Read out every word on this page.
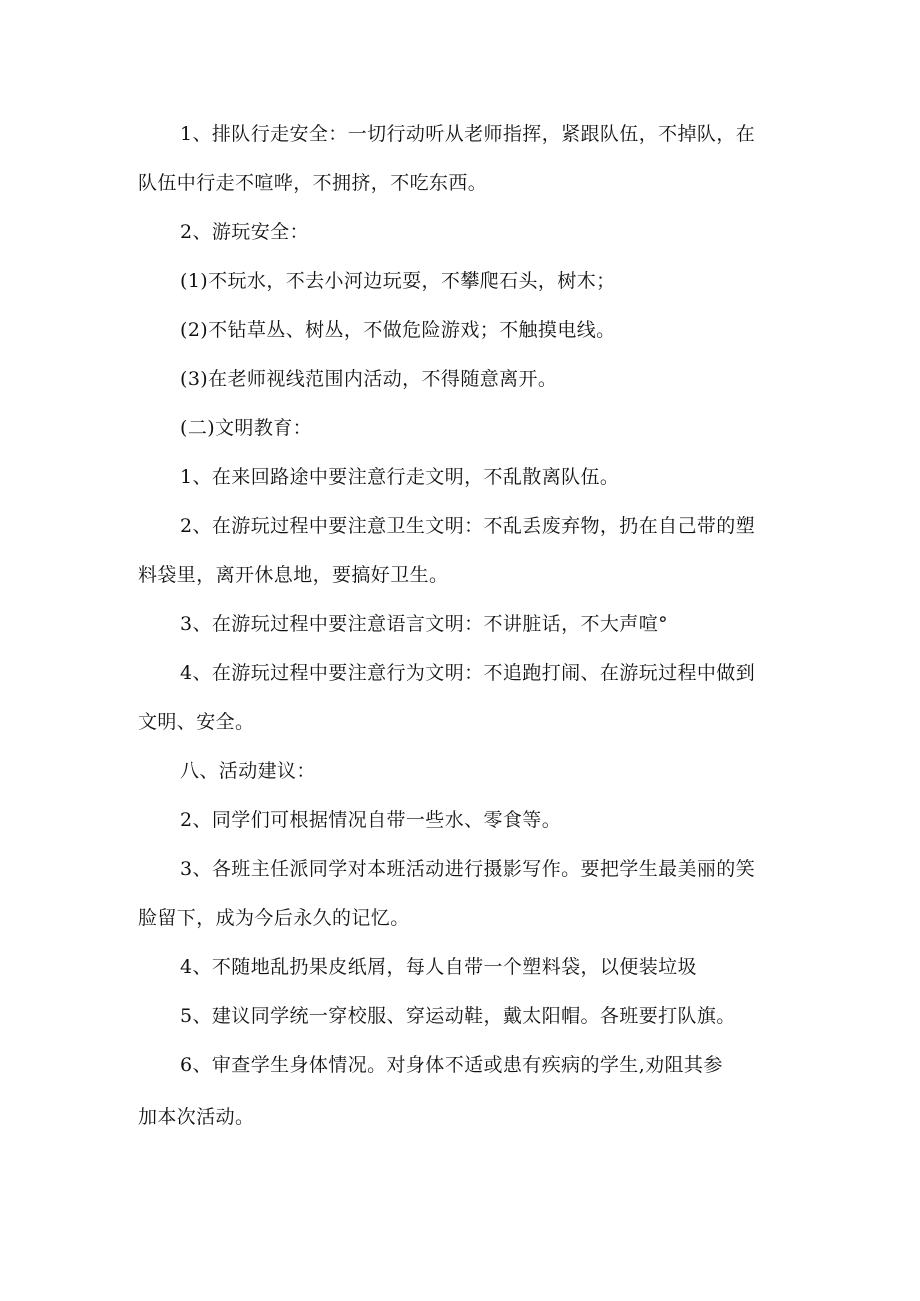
1、排队行走安全：一切行动听从老师指挥，紧跟队伍，不掉队，在
队伍中行走不喧哗，不拥挤，不吃东西。
2、游玩安全：
(1)不玩水，不去小河边玩耍，不攀爬石头，树木；
(2)不钻草丛、树丛，不做危险游戏；不触摸电线。
(3)在老师视线范围内活动，不得随意离开。
(二)文明教育：
1、在来回路途中要注意行走文明，不乱散离队伍。
2、在游玩过程中要注意卫生文明：不乱丢废弃物，扔在自己带的塑
料袋里，离开休息地，要搞好卫生。
3、在游玩过程中要注意语言文明：不讲脏话，不大声喧°
4、在游玩过程中要注意行为文明：不追跑打闹、在游玩过程中做到
文明、安全。
八、活动建议：
2、同学们可根据情况自带一些水、零食等。
3、各班主任派同学对本班活动进行摄影写作。要把学生最美丽的笑
脸留下，成为今后永久的记忆。
4、不随地乱扔果皮纸屑，每人自带一个塑料袋，以便装垃圾
5、建议同学统一穿校服、穿运动鞋，戴太阳帽。各班要打队旗。
6、审查学生身体情况。对身体不适或患有疾病的学生,劝阻其参
加本次活动。
